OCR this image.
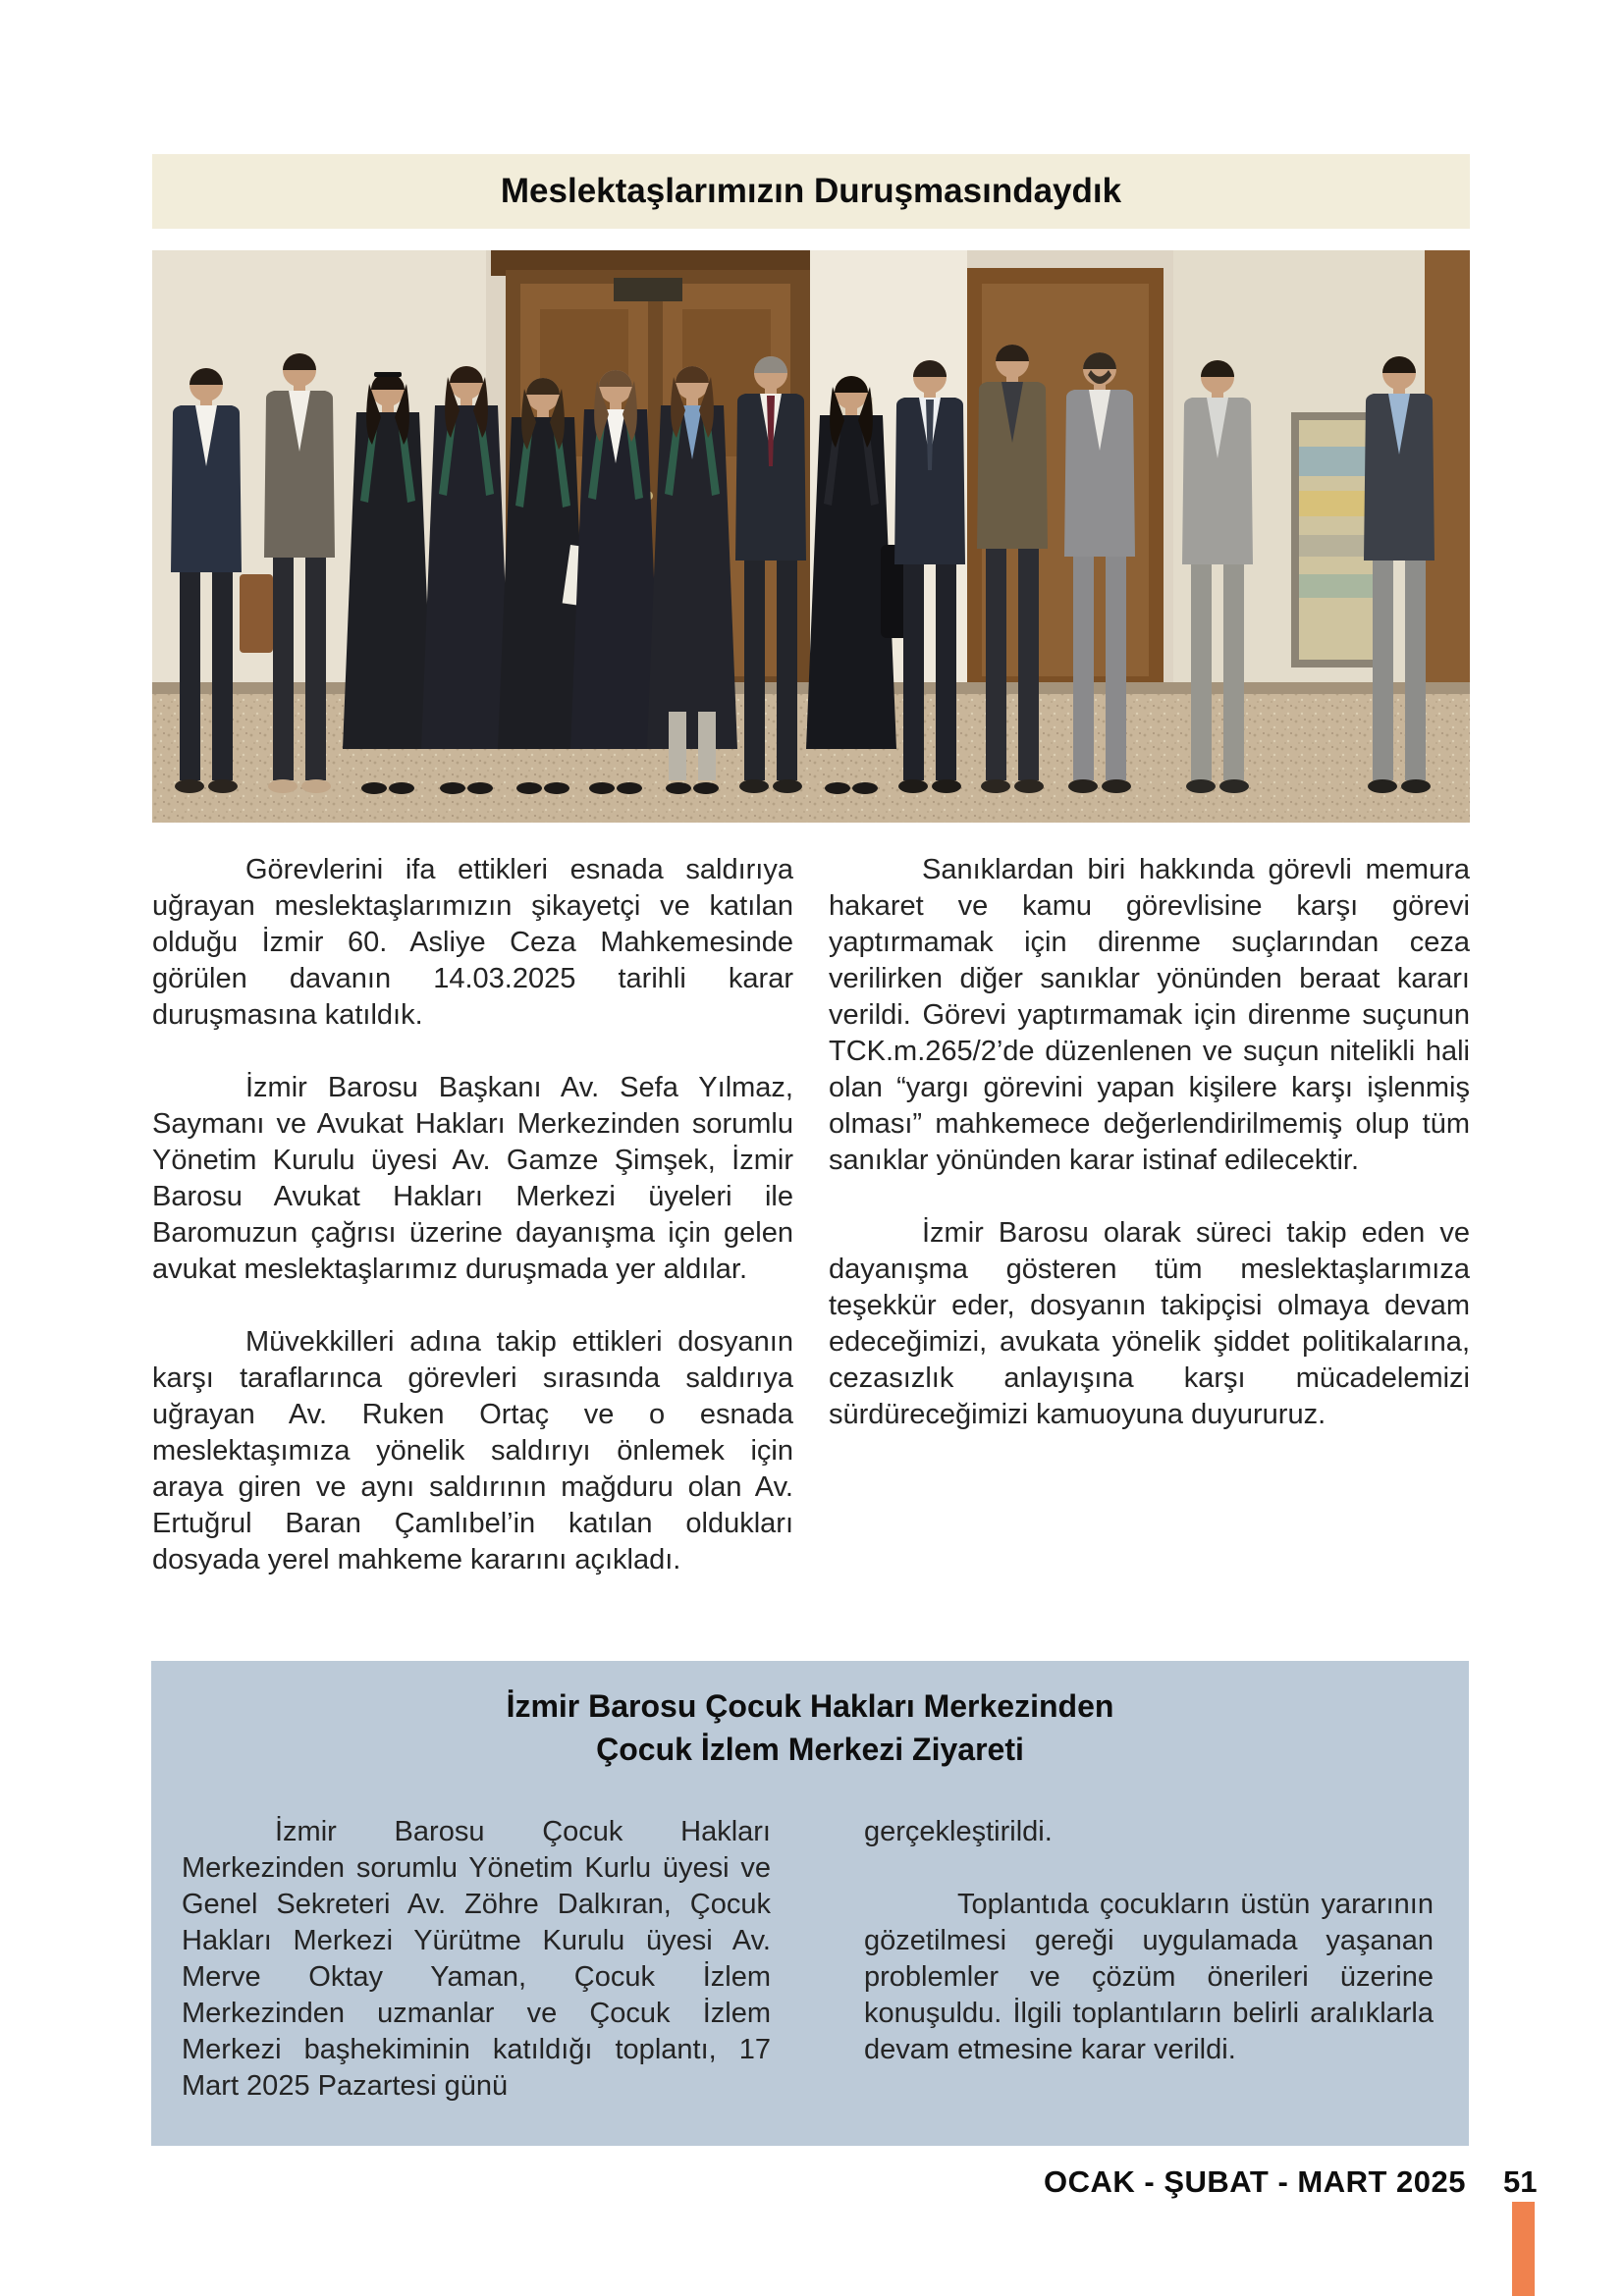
Meslektaşlarımızın Duruşmasındaydık

Görevlerini ifa ettikleri esnada saldırıya uğrayan meslektaşlarımızın şikayetçi ve katılan olduğu İzmir 60. Asliye Ceza Mahkemesinde görülen davanın 14.03.2025 tarihli karar duruşmasına katıldık.

İzmir Barosu Başkanı Av. Sefa Yılmaz, Saymanı ve Avukat Hakları Merkezinden sorumlu Yönetim Kurulu üyesi Av. Gamze Şimşek, İzmir Barosu Avukat Hakları Merkezi üyeleri ile Baromuzun çağrısı üzerine dayanışma için gelen avukat meslektaşlarımız duruşmada yer aldılar.

Müvekkilleri adına takip ettikleri dosyanın karşı taraflarınca görevleri sırasında saldırıya uğrayan Av. Ruken Ortaç ve o esnada meslektaşımıza yönelik saldırıyı önlemek için araya giren ve aynı saldırının mağduru olan Av. Ertuğrul Baran Çamlıbel’in katılan oldukları dosyada yerel mahkeme kararını açıkladı.

Sanıklardan biri hakkında görevli memura hakaret ve kamu görevlisine karşı görevi yaptırmamak için direnme suçlarından ceza verilirken diğer sanıklar yönünden beraat kararı verildi. Görevi yaptırmamak için direnme suçunun TCK.m.265/2’de düzenlenen ve suçun nitelikli hali olan “yargı görevini yapan kişilere karşı işlenmiş olması” mahkemece değerlendirilmemiş olup tüm sanıklar yönünden karar istinaf edilecektir.

İzmir Barosu olarak süreci takip eden ve dayanışma gösteren tüm meslektaşlarımıza teşekkür eder, dosyanın takipçisi olmaya devam edeceğimizi, avukata yönelik şiddet politikalarına, cezasızlık anlayışına karşı mücadelemizi sürdüreceğimizi kamuoyuna duyururuz.

İzmir Barosu Çocuk Hakları Merkezinden
Çocuk İzlem Merkezi Ziyareti

İzmir Barosu Çocuk Hakları Merkezinden sorumlu Yönetim Kurlu üyesi ve Genel Sekreteri Av. Zöhre Dalkıran, Çocuk Hakları Merkezi Yürütme Kurulu üyesi Av. Merve Oktay Yaman, Çocuk İzlem Merkezinden uzmanlar ve Çocuk İzlem Merkezi başhekiminin katıldığı toplantı, 17 Mart 2025 Pazartesi günü

gerçekleştirildi.

Toplantıda çocukların üstün yararının gözetilmesi gereği uygulamada yaşanan problemler ve çözüm önerileri üzerine konuşuldu. İlgili toplantıların belirli aralıklarla devam etmesine karar verildi.

OCAK - ŞUBAT - MART 2025 51
